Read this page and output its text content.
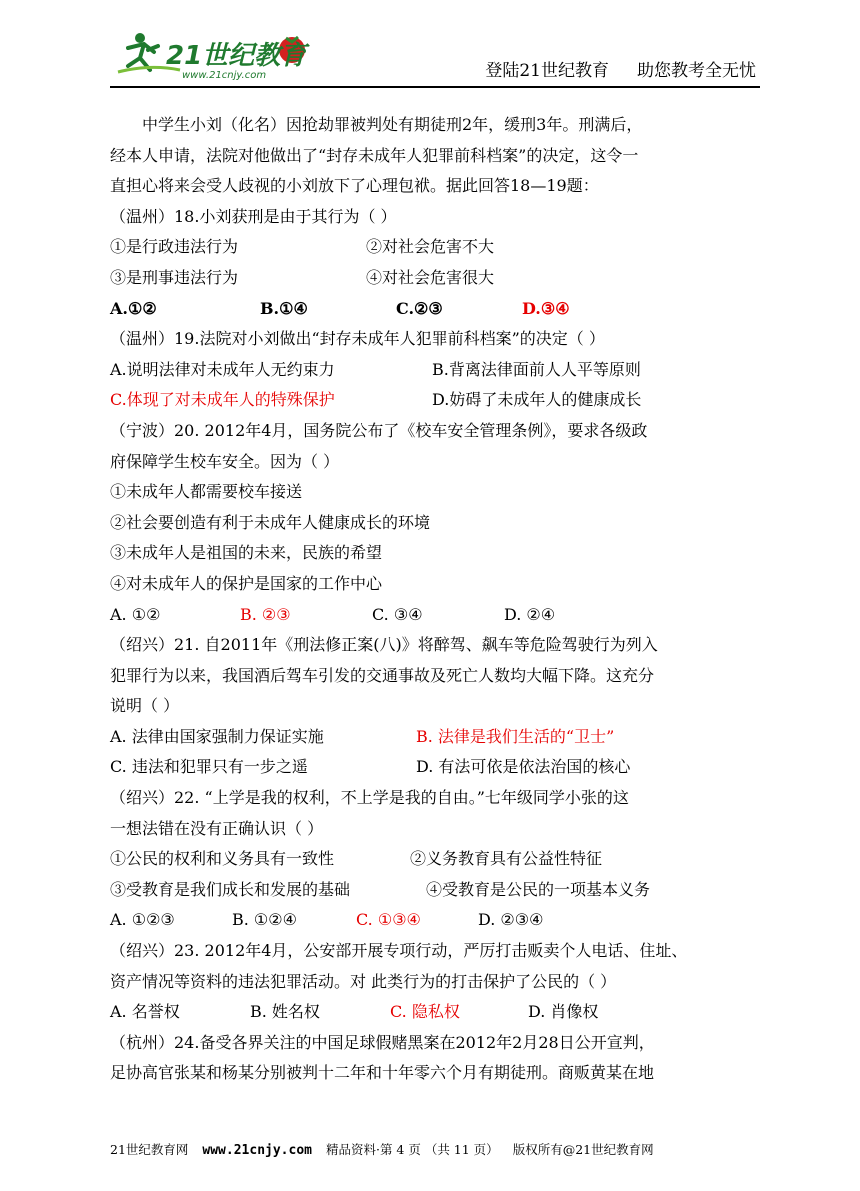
21世纪教育
www.21cnjy.com	登陆21世纪教育 助您教考全无忧
中学生小刘（化名）因抢劫罪被判处有期徒刑2年，缓刑3年。刑满后，
经本人申请，法院对他做出了“封存未成年人犯罪前科档案”的决定，这令一
直担心将来会受人歧视的小刘放下了心理包袱。据此回答18—19题：
（温州）18.小刘获刑是由于其行为（ ）
①是行政违法行为	②对社会危害不大
③是刑事违法行为	④对社会危害很大
A.①②	B.①④	C.②③	D.③④
（温州）19.法院对小刘做出“封存未成年人犯罪前科档案”的决定（ ）
A.说明法律对未成年人无约束力	B.背离法律面前人人平等原则
C.体现了对未成年人的特殊保护	D.妨碍了未成年人的健康成长
（宁波）20. 2012年4月，国务院公布了《校车安全管理条例》，要求各级政
府保障学生校车安全。因为（ ）
①未成年人都需要校车接送
②社会要创造有利于未成年人健康成长的环境
③未成年人是祖国的未来，民族的希望
④对未成年人的保护是国家的工作中心
A. ①②	B. ②③	C. ③④	D. ②④
（绍兴）21. 自2011年《刑法修正案(八)》将醉驾、飙车等危险驾驶行为列入
犯罪行为以来，我国酒后驾车引发的交通事故及死亡人数均大幅下降。这充分
说明（ ）
A. 法律由国家强制力保证实施	B. 法律是我们生活的“卫士”
C. 违法和犯罪只有一步之遥	D. 有法可依是依法治国的核心
（绍兴）22. “上学是我的权利，不上学是我的自由。”七年级同学小张的这
一想法错在没有正确认识（ ）
①公民的权利和义务具有一致性	②义务教育具有公益性特征
③受教育是我们成长和发展的基础	④受教育是公民的一项基本义务
A. ①②③	B. ①②④	C. ①③④	D. ②③④
（绍兴）23. 2012年4月，公安部开展专项行动，严厉打击贩卖个人电话、住址、
资产情况等资料的违法犯罪活动。对 此类行为的打击保护了公民的（ ）
A. 名誉权	B. 姓名权	C. 隐私权	D. 肖像权
（杭州）24.备受各界关注的中国足球假赌黑案在2012年2月28日公开宣判，
足协高官张某和杨某分别被判十二年和十年零六个月有期徒刑。商贩黄某在地
21世纪教育网 www.21cnjy.com 精品资料·第 4 页 （共 11 页） 版权所有@21世纪教育网
